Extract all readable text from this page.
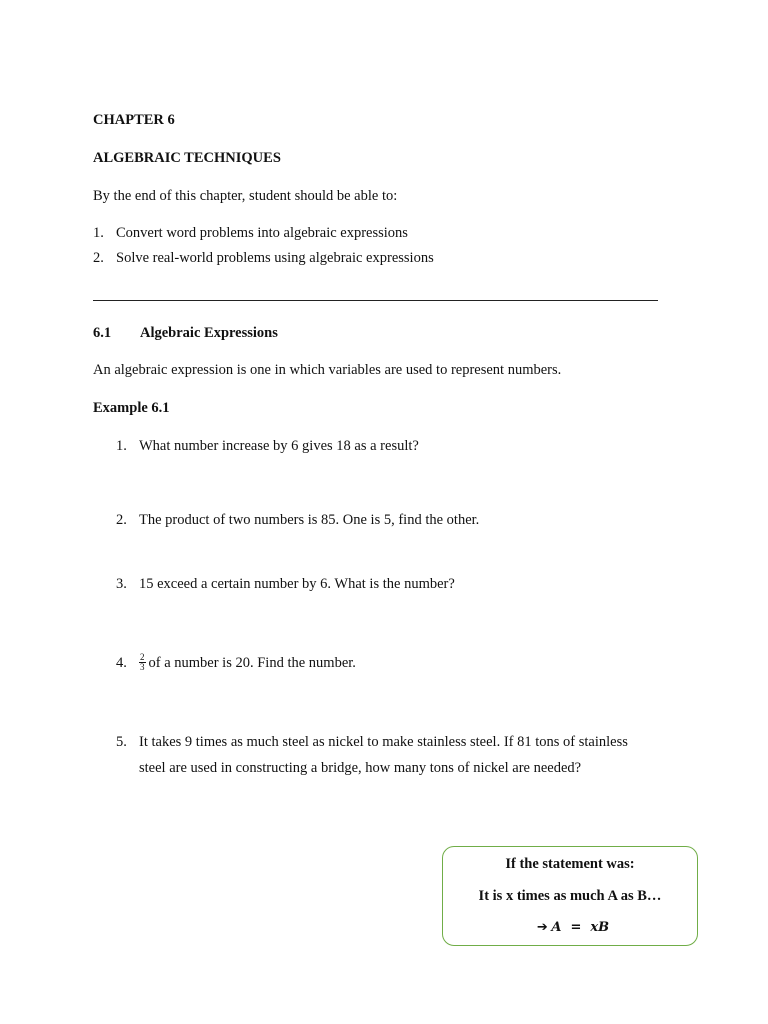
CHAPTER 6
ALGEBRAIC TECHNIQUES
By the end of this chapter, student should be able to:
1. Convert word problems into algebraic expressions
2. Solve real-world problems using algebraic expressions
6.1 Algebraic Expressions
An algebraic expression is one in which variables are used to represent numbers.
Example 6.1
1. What number increase by 6 gives 18 as a result?
2. The product of two numbers is 85. One is 5, find the other.
3. 15 exceed a certain number by 6. What is the number?
4. $\frac{2}{3}$ of a number is 20. Find the number.
5. It takes 9 times as much steel as nickel to make stainless steel. If 81 tons of stainless
steel are used in constructing a bridge, how many tons of nickel are needed?
If the statement was:
It is x times as much A as B…
➔ A  =  xB
